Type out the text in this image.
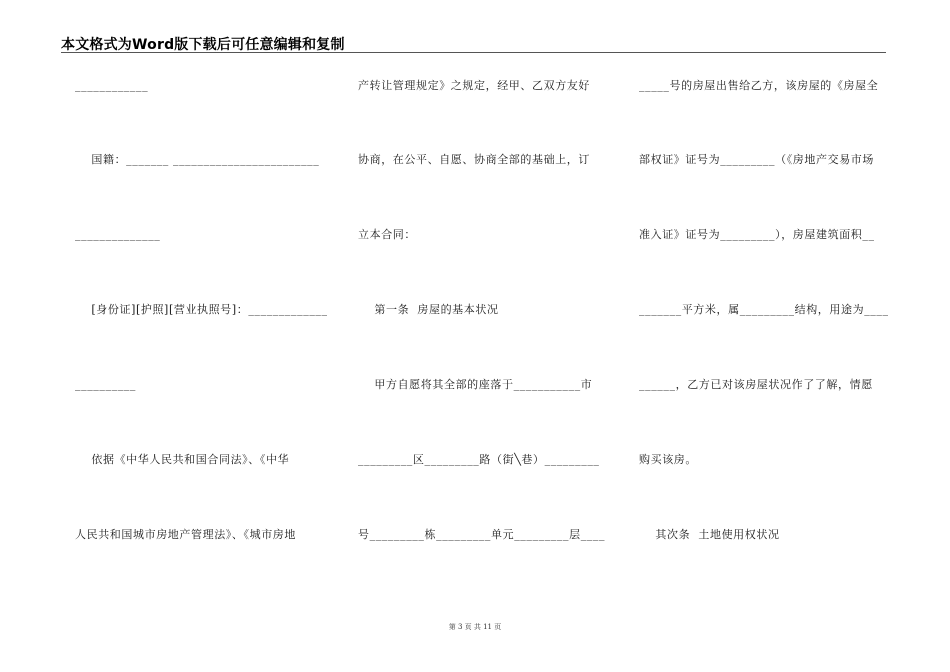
本文格式为Word版下载后可任意编辑和复制
____________
国籍：_______ ________________________
______________
[身份证][护照][营业执照号]：_____________
__________
依据《中华人民共和国合同法》、《中华
人民共和国城市房地产管理法》、《城市房地
产转让管理规定》之规定，经甲、乙双方友好
协商，在公平、自愿、协商全部的基础上，订
立本合同：
第一条  房屋的基本状况
甲方自愿将其全部的座落于___________市
_________区_________路（街╲巷）_________
号_________栋_________单元_________层____
_____号的房屋出售给乙方，该房屋的《房屋全
部权证》证号为_________（《房地产交易市场
准入证》证号为_________），房屋建筑面积__
_______平方米，属_________结构，用途为____
______，乙方已对该房屋状况作了了解，情愿
购买该房。
其次条  土地使用权状况
第 3 页 共 11 页
